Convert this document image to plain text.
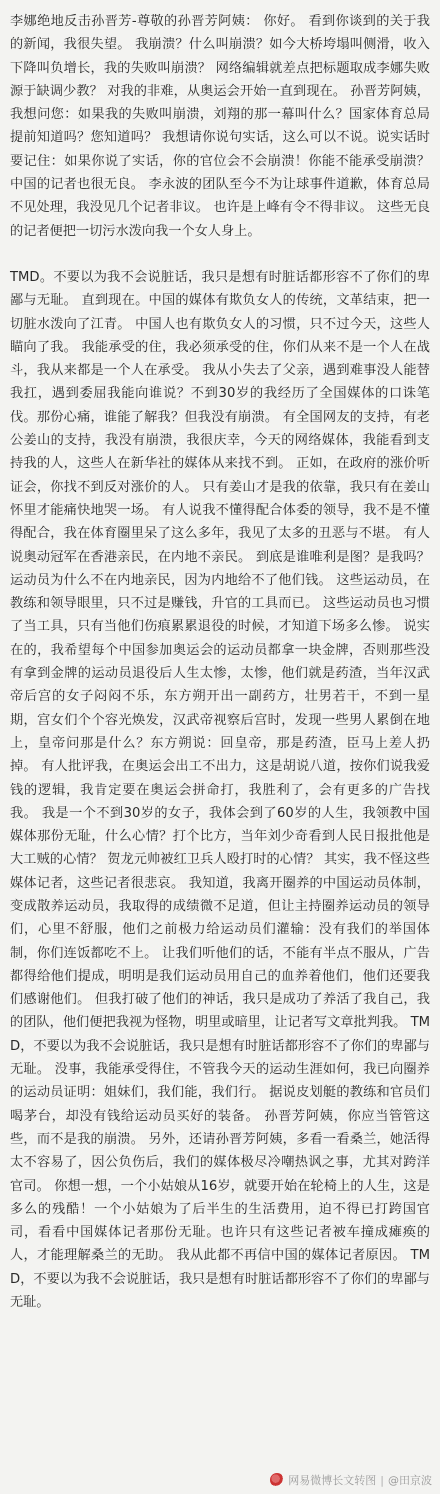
李娜绝地反击孙晋芳-尊敬的孙晋芳阿姨： 你好。 看到你谈到的关于我的新闻，我很失望。 我崩溃？什么叫崩溃？如今大桥垮塌叫侧滑，收入下降叫负增长，我的失败叫崩溃？ 网络编辑就差点把标题取成李娜失败源于缺调少教？ 对我的非难，从奥运会开始一直到现在。 孙晋芳阿姨，我想问您：如果我的失败叫崩溃，刘翔的那一幕叫什么？国家体育总局提前知道吗？您知道吗？ 我想请你说句实话，这么可以不说。说实话时要记住：如果你说了实话，你的官位会不会崩溃！你能不能承受崩溃？ 中国的记者也很无良。 李永波的团队至今不为让球事件道歉，体育总局不见处理，我没见几个记者非议。 也许是上峰有令不得非议。 这些无良的记者便把一切污水泼向我一个女人身上。

TMD。不要以为我不会说脏话，我只是想有时脏话都形容不了你们的卑鄙与无耻。 直到现在。中国的媒体有欺负女人的传统，文革结束，把一切脏水泼向了江青。 中国人也有欺负女人的习惯，只不过今天，这些人瞄向了我。 我能承受的住，我必须承受的住，你们从来不是一个人在战斗，我从来都是一个人在承受。 我从小失去了父亲，遇到难事没人能替我扛，遇到委屈我能向谁说？不到30岁的我经历了全国媒体的口诛笔伐。那份心痛，谁能了解我？但我没有崩溃。 有全国网友的支持，有老公姜山的支持，我没有崩溃，我很庆幸，今天的网络媒体，我能看到支持我的人，这些人在新华社的媒体从来找不到。 正如，在政府的涨价听证会，你找不到反对涨价的人。 只有姜山才是我的依靠，我只有在姜山怀里才能痛快地哭一场。 有人说我不懂得配合体委的领导，我不是不懂得配合，我在体育圈里呆了这么多年，我见了太多的丑恶与不堪。 有人说奥动冠军在香港亲民，在内地不亲民。 到底是谁唯利是图？是我吗？ 运动员为什么不在内地亲民，因为内地给不了他们钱。 这些运动员，在教练和领导眼里，只不过是赚钱，升官的工具而已。 这些运动员也习惯了当工具，只有当他们伤痕累累退役的时候，才知道下场多么惨。 说实在的，我希望每个中国参加奥运会的运动员都拿一块金牌，否则那些没有拿到金牌的运动员退役后人生太惨，太惨，他们就是药渣，当年汉武帝后宫的女子闷闷不乐，东方朔开出一副药方，壮男若干，不到一星期，宫女们个个容光焕发，汉武帝视察后宫时，发现一些男人累倒在地上，皇帝问那是什么？东方朔说：回皇帝，那是药渣，臣马上差人扔掉。 有人批评我，在奥运会出工不出力，这是胡说八道，按你们说我爱钱的逻辑，我肯定要在奥运会拼命打，我胜利了，会有更多的广告找我。 我是一个不到30岁的女子，我体会到了60岁的人生，我领教中国媒体那份无耻，什么心情？打个比方，当年刘少奇看到人民日报批他是大工贼的心情？ 贺龙元帅被红卫兵人殴打时的心情？ 其实，我不怪这些媒体记者，这些记者很悲哀。 我知道，我离开圈养的中国运动员体制，变成散养运动员，我取得的成绩微不足道，但让主持圈养运动员的领导们，心里不舒服，他们之前极力给运动员们灌输：没有我们的举国体制，你们连饭都吃不上。 让我们听他们的话，不能有半点不服从，广告都得给他们提成，明明是我们运动员用自己的血养着他们，他们还要我们感谢他们。 但我打破了他们的神话，我只是成功了养活了我自己，我的团队，他们便把我视为怪物，明里或暗里，让记者写文章批判我。 TMD，不要以为我不会说脏话，我只是想有时脏话都形容不了你们的卑鄙与无耻。 没事，我能承受得住，不管我今天的运动生涯如何，我已向圈养的运动员证明：姐妹们，我们能，我们行。 据说皮划艇的教练和官员们喝茅台，却没有钱给运动员买好的装备。 孙晋芳阿姨，你应当管管这些，而不是我的崩溃。 另外，还请孙晋芳阿姨，多看一看桑兰，她活得太不容易了，因公负伤后，我们的媒体极尽冷嘲热讽之事，尤其对跨洋官司。 你想一想，一个小姑娘从16岁，就要开始在轮椅上的人生，这是多么的残酷！一个小姑娘为了后半生的生活费用，迫不得已打跨国官司，看看中国媒体记者那份无耻。也许只有这些记者被车撞成瘫痪的人，才能理解桑兰的无助。 我从此都不再信中国的媒体记者原因。 TMD，不要以为我不会说脏话，我只是想有时脏话都形容不了你们的卑鄙与无耻。

网易微博长文转图 | @田京波
